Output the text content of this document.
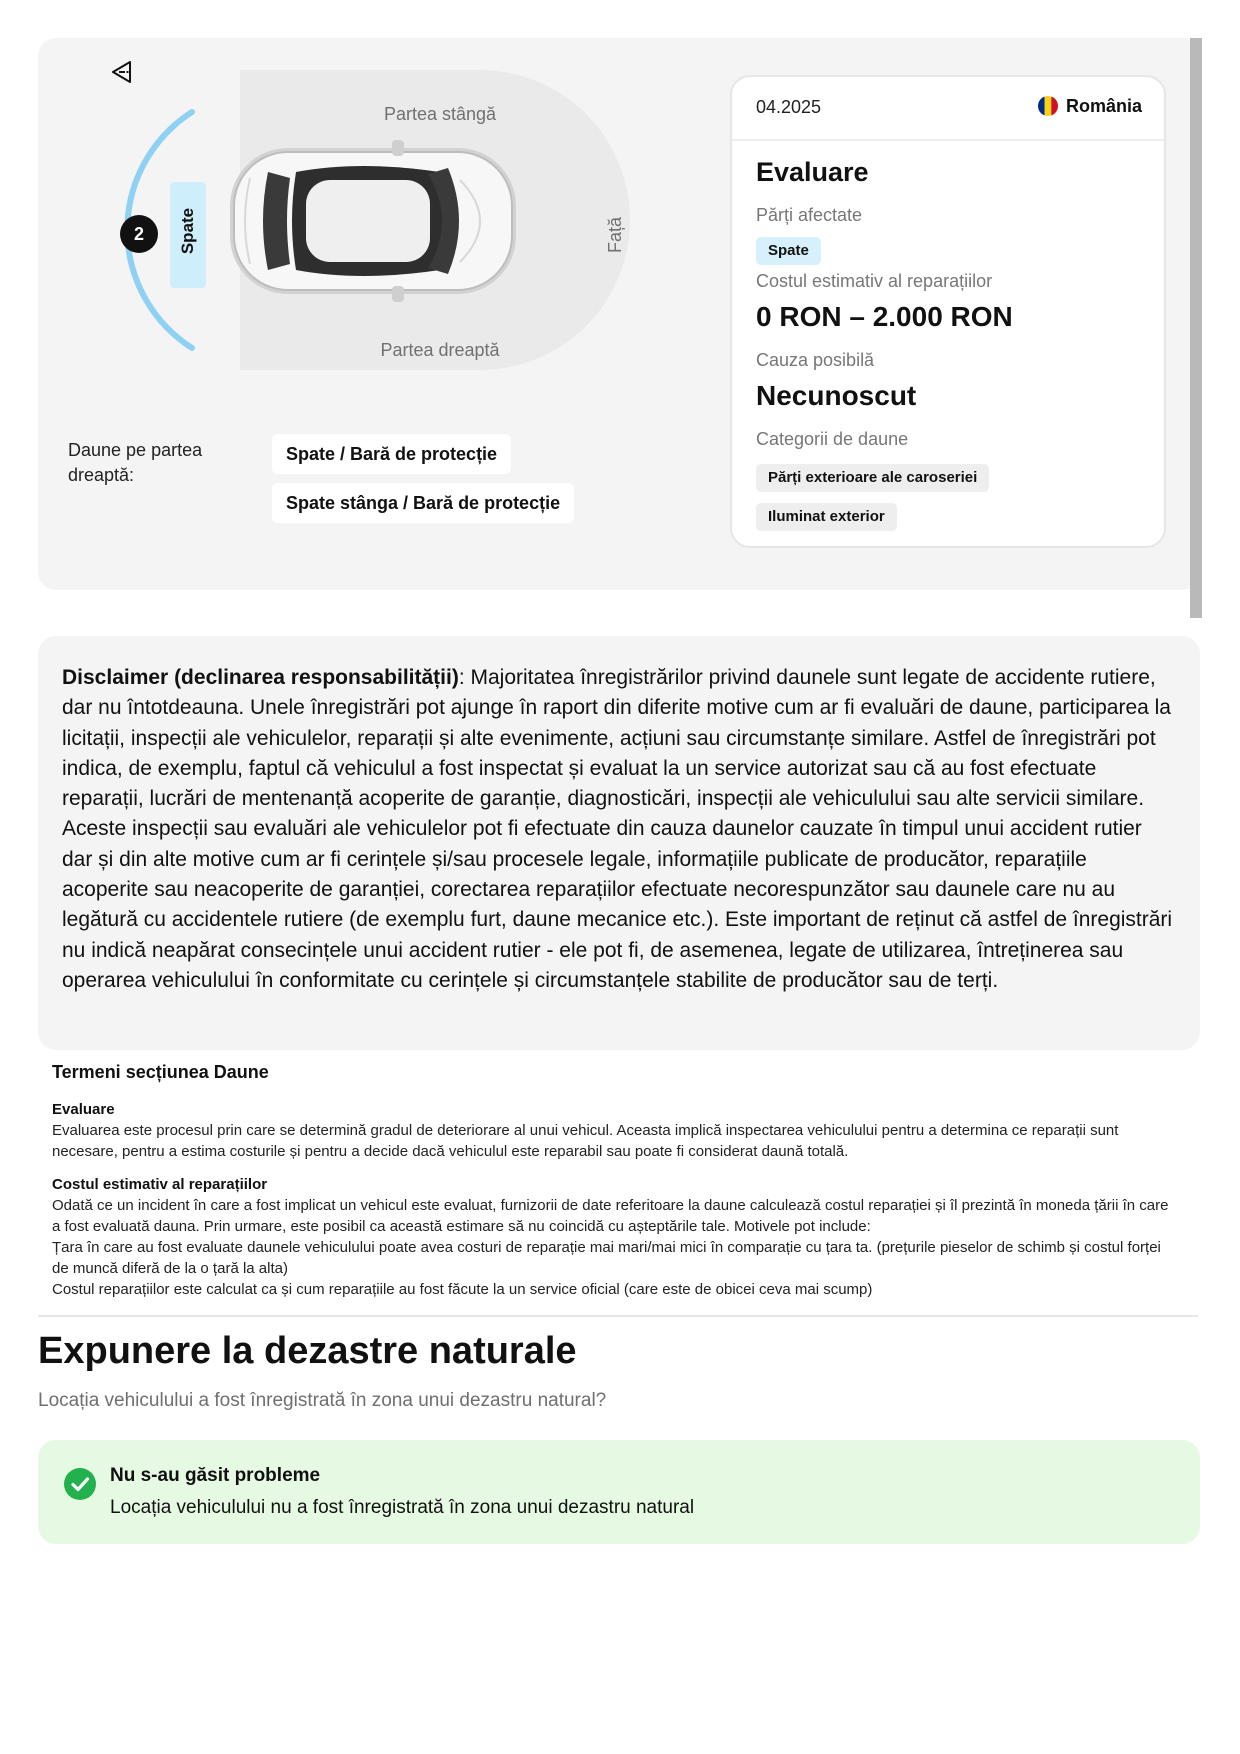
Partea stângă
Partea dreaptă
Față
2	Spate
Daune pe partea dreaptă:
Spate / Bară de protecție
Spate stânga / Bară de protecție
04.2025	România
Evaluare
Părți afectate
Spate
Costul estimativ al reparațiilor
0 RON – 2.000 RON
Cauza posibilă
Necunoscut
Categorii de daune
Părți exterioare ale caroseriei
Iluminat exterior

Disclaimer (declinarea responsabilității): Majoritatea înregistrărilor privind daunele sunt legate de accidente rutiere, dar nu întotdeauna. Unele înregistrări pot ajunge în raport din diferite motive cum ar fi evaluări de daune, participarea la licitații, inspecții ale vehiculelor, reparații și alte evenimente, acțiuni sau circumstanțe similare. Astfel de înregistrări pot indica, de exemplu, faptul că vehiculul a fost inspectat și evaluat la un service autorizat sau că au fost efectuate reparații, lucrări de mentenanță acoperite de garanție, diagnosticări, inspecții ale vehiculului sau alte servicii similare. Aceste inspecții sau evaluări ale vehiculelor pot fi efectuate din cauza daunelor cauzate în timpul unui accident rutier dar și din alte motive cum ar fi cerințele și/sau procesele legale, informațiile publicate de producător, reparațiile acoperite sau neacoperite de garanției, corectarea reparațiilor efectuate necorespunzător sau daunele care nu au legătură cu accidentele rutiere (de exemplu furt, daune mecanice etc.). Este important de reținut că astfel de înregistrări nu indică neapărat consecințele unui accident rutier - ele pot fi, de asemenea, legate de utilizarea, întreținerea sau operarea vehiculului în conformitate cu cerințele și circumstanțele stabilite de producător sau de terți.

Termeni secțiunea Daune

Evaluare

Evaluarea este procesul prin care se determină gradul de deteriorare al unui vehicul. Aceasta implică inspectarea vehiculului pentru a determina ce reparații sunt necesare, pentru a estima costurile și pentru a decide dacă vehiculul este reparabil sau poate fi considerat daună totală.

Costul estimativ al reparațiilor

Odată ce un incident în care a fost implicat un vehicul este evaluat, furnizorii de date referitoare la daune calculează costul reparației și îl prezintă în moneda țării în care a fost evaluată dauna. Prin urmare, este posibil ca această estimare să nu coincidă cu așteptările tale. Motivele pot include:

Țara în care au fost evaluate daunele vehiculului poate avea costuri de reparație mai mari/mai mici în comparație cu țara ta. (prețurile pieselor de schimb și costul forței de muncă diferă de la o țară la alta)

Costul reparațiilor este calculat ca și cum reparațiile au fost făcute la un service oficial (care este de obicei ceva mai scump)

Expunere la dezastre naturale
Locația vehiculului a fost înregistrată în zona unui dezastru natural?
Nu s-au găsit probleme
Locația vehiculului nu a fost înregistrată în zona unui dezastru natural
